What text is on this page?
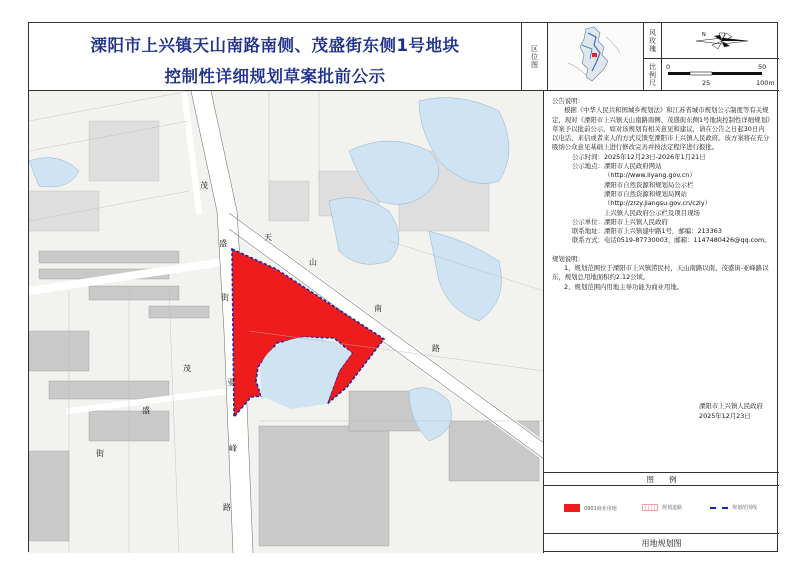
溧阳市上兴镇天山南路南侧、茂盛街东侧1号地块
控制性详细规划草案批前公示
区位图
风玫瑰
比例尺
N
0	50
25	100m
茂
盛
街
茂
盛
街
天
山
南
路
亚
峰
路
公告说明：
根据《中华人民共和国城乡规划法》和江苏省城市规划公示制度等有关规定，现对《溧阳市上兴镇天山南路南侧、茂盛街东侧1号地块控制性详细规划》草案予以批前公示，如对该规划有相关意见和建议，请在公告之日起30日内以电话、来信或者来人的方式反馈至溧阳市上兴镇人民政府。该方案将在充分吸纳公众意见基础上进行修改完善并按法定程序进行报批。
公示时间：2025年12月23日-2026年1月21日
公示地点：溧阳市人民政府网站
（http://www.liyang.gov.cn）
溧阳市自然资源和规划局公示栏
溧阳市自然资源和规划局网站
（http://zrzy.jiangsu.gov.cn/czly）
上兴镇人民政府公示栏及项目现场
公示单位：溧阳市上兴镇人民政府
联系地址：溧阳市上兴镇建中路1号，邮编：213363
联系方式：电话0519-87730003，邮箱：1147480426@qq.com。
规划说明：
1、规划范围位于溧阳市上兴镇涝民村，天山南路以南、茂盛街-亚峰路以东，规划总用地面积约2.12公顷。
2、规划范围内用地主导功能为商业用地。
溧阳市上兴镇人民政府
2025年12月23日
图　　例
0901商业用地	规划道路	规划范围线
用地规划图
